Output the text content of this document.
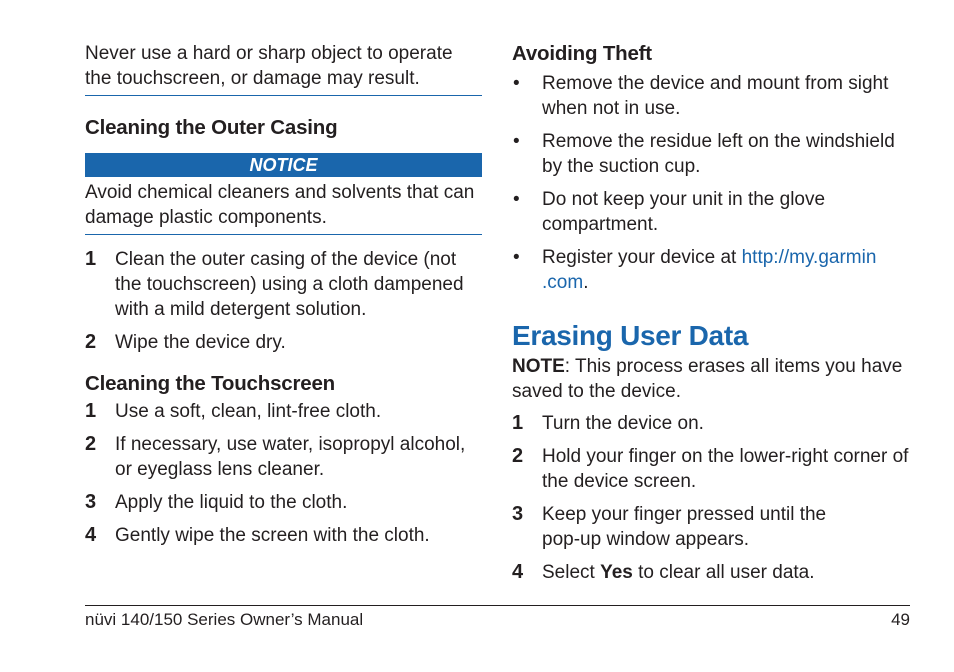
Never use a hard or sharp object to operate the touchscreen, or damage may result.

Cleaning the Outer Casing

NOTICE

Avoid chemical cleaners and solvents that can damage plastic components.

1 Clean the outer casing of the device (not the touchscreen) using a cloth dampened with a mild detergent solution.
2 Wipe the device dry.

Cleaning the Touchscreen

1 Use a soft, clean, lint-free cloth.
2 If necessary, use water, isopropyl alcohol, or eyeglass lens cleaner.
3 Apply the liquid to the cloth.
4 Gently wipe the screen with the cloth.

Avoiding Theft

• Remove the device and mount from sight when not in use.
• Remove the residue left on the windshield by the suction cup.
• Do not keep your unit in the glove compartment.
• Register your device at http://my.garmin
.com.

Erasing User Data

NOTE: This process erases all items you have saved to the device.

1 Turn the device on.
2 Hold your finger on the lower-right corner of the device screen.
3 Keep your finger pressed until the
pop-up window appears.
4 Select Yes to clear all user data.
nüvi 140/150 Series Owner’s Manual	49
